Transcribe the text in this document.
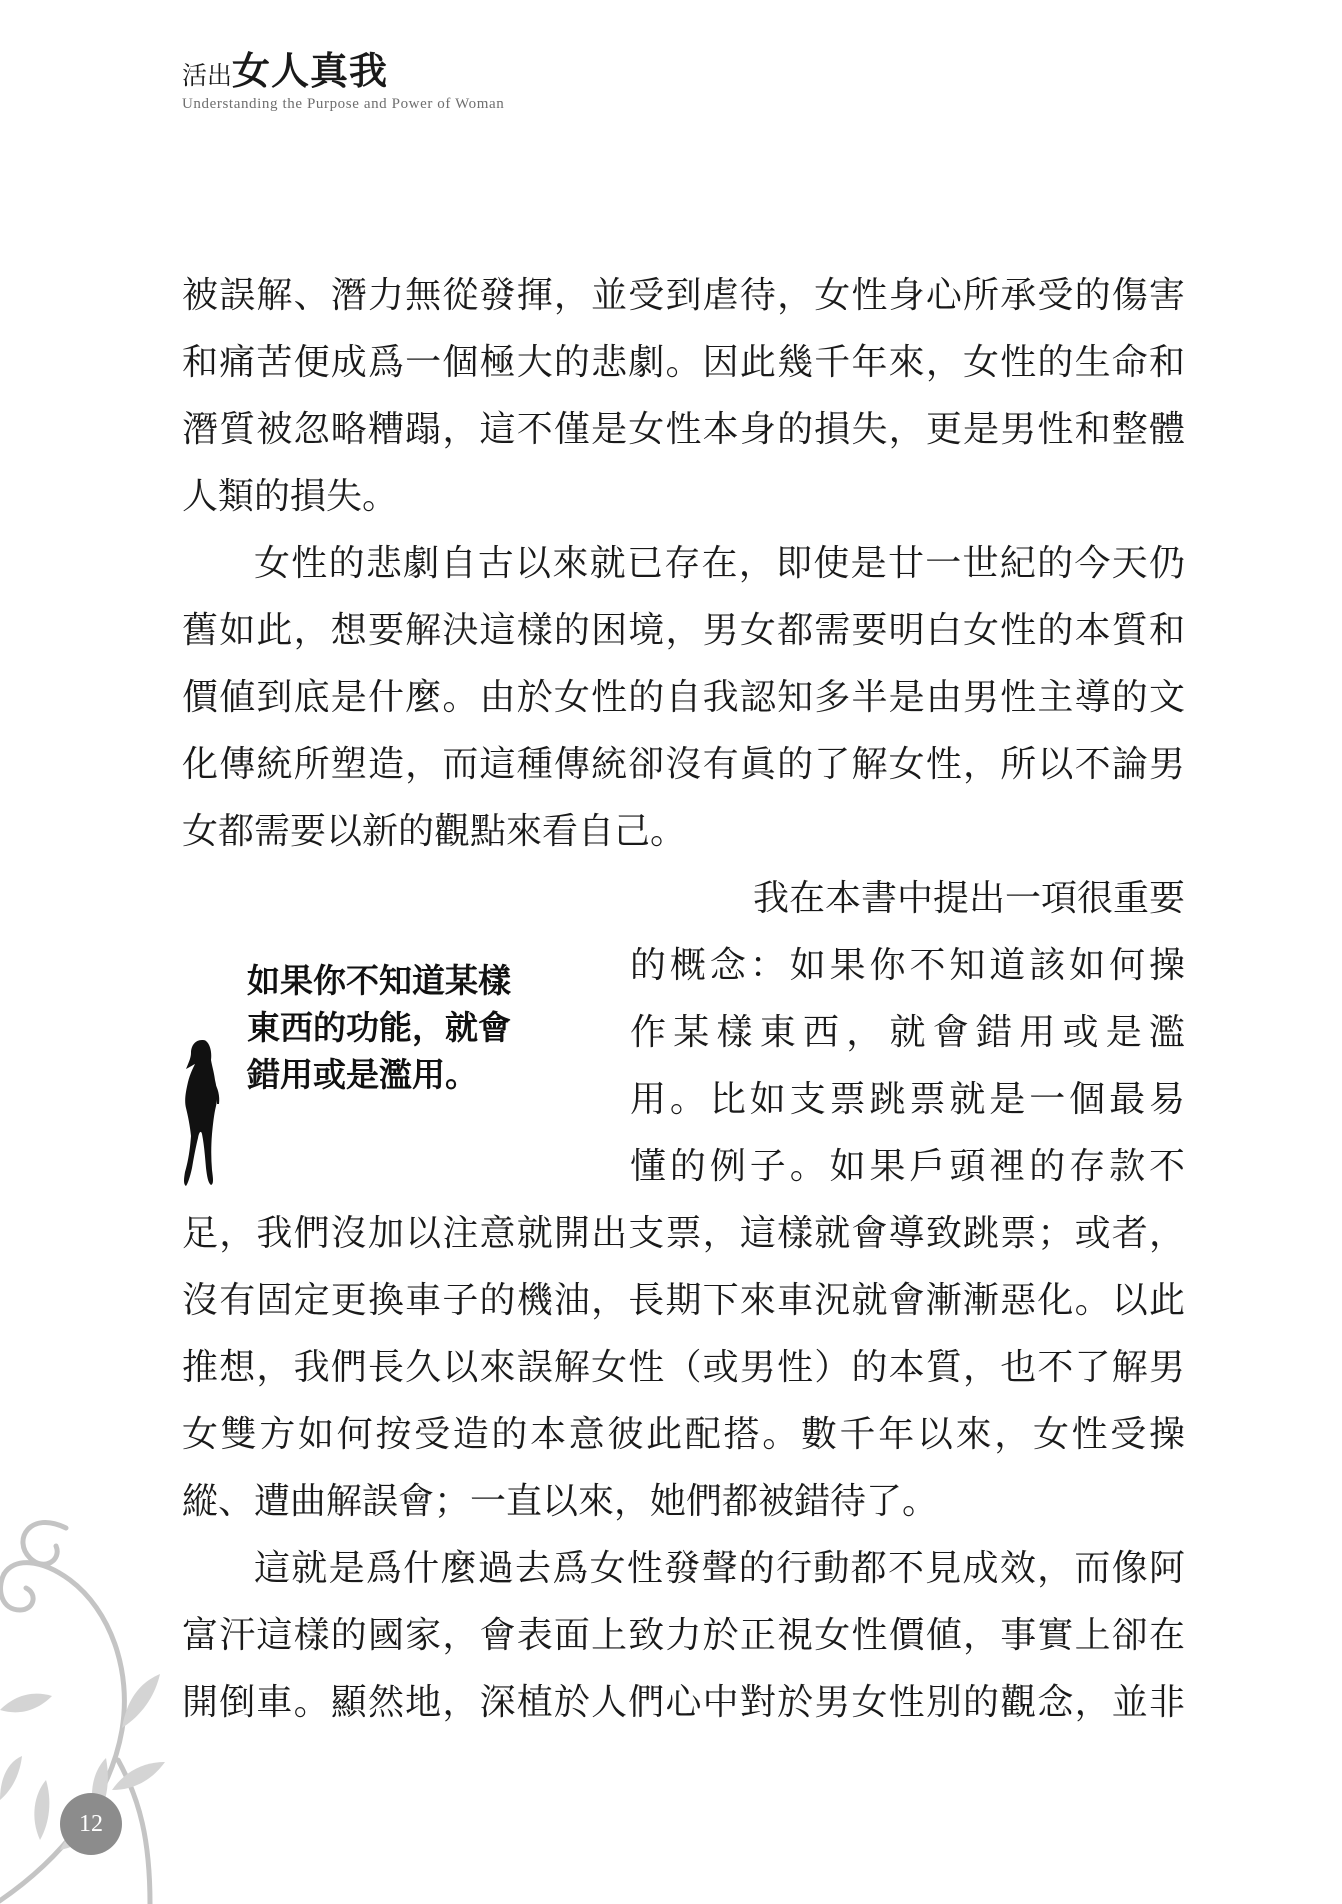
活出女人真我
Understanding the Purpose and Power of Woman
被誤解、潛力無從發揮，並受到虐待，女性身心所承受的傷害
和痛苦便成爲一個極大的悲劇。因此幾千年來，女性的生命和
潛質被忽略糟蹋，這不僅是女性本身的損失，更是男性和整體
人類的損失。
女性的悲劇自古以來就已存在，即使是廿一世紀的今天仍
舊如此，想要解決這樣的困境，男女都需要明白女性的本質和
價値到底是什麼。由於女性的自我認知多半是由男性主導的文
化傳統所塑造，而這種傳統卻沒有眞的了解女性，所以不論男
女都需要以新的觀點來看自己。
我在本書中提出一項很重要
的概念：如果你不知道該如何操
作某樣東西，就會錯用或是濫
用。比如支票跳票就是一個最易
懂的例子。如果戶頭裡的存款不
足，我們沒加以注意就開出支票，這樣就會導致跳票；或者，
沒有固定更換車子的機油，長期下來車況就會漸漸惡化。以此
推想，我們長久以來誤解女性（或男性）的本質，也不了解男
女雙方如何按受造的本意彼此配搭。數千年以來，女性受操
縱、遭曲解誤會；一直以來，她們都被錯待了。
這就是爲什麼過去爲女性發聲的行動都不見成效，而像阿
富汗這樣的國家，會表面上致力於正視女性價値，事實上卻在
開倒車。顯然地，深植於人們心中對於男女性別的觀念，並非
如果你不知道某樣
東西的功能，就會
錯用或是濫用。
12
